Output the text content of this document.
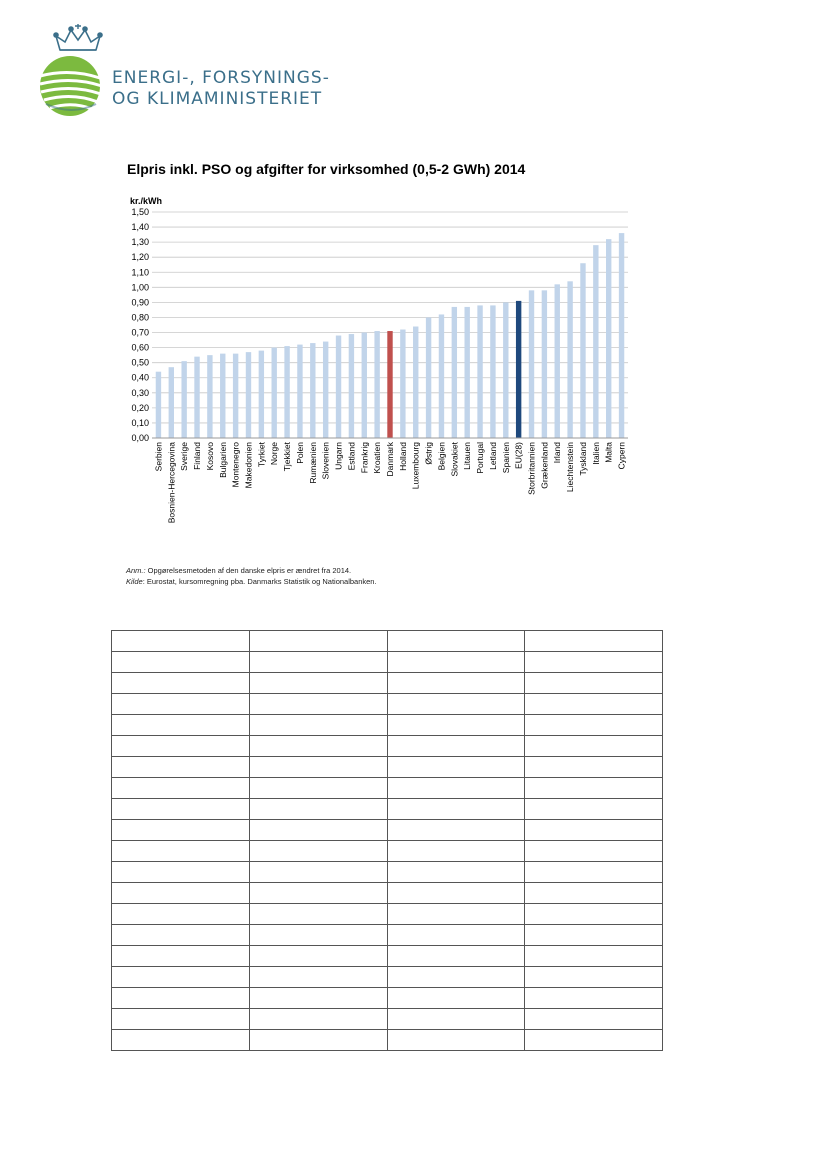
ENERGI-, FORSYNINGS-
OG KLIMAMINISTERIET
Elpris inkl. PSO og afgifter for virksomhed (0,5-2 GWh) 2014
kr./kWh
0,00
0,10
0,20
0,30
0,40
0,50
0,60
0,70
0,80
0,90
1,00
1,10
1,20
1,30
1,40
1,50
Serbien Bosnien-Hercegovina Sverige Finland Kosovo Bulgarien Montenegro Makedonien Tyrkiet Norge Tjekkiet Polen Rumænien Slovenien Ungarn Estland Frankrig Kroatien Danmark Holland Luxembourg Østrig Belgien Slovakiet Litauen Portugal Letland Spanien EU(28) Storbritannien Grækenland Irland Liechtenstein Tyskland Italien Malta Cypern
Anm.: Opgørelsesmetoden af den danske elpris er ændret fra 2014.
Kilde: Eurostat, kursomregning pba. Danmarks Statistik og Nationalbanken.
